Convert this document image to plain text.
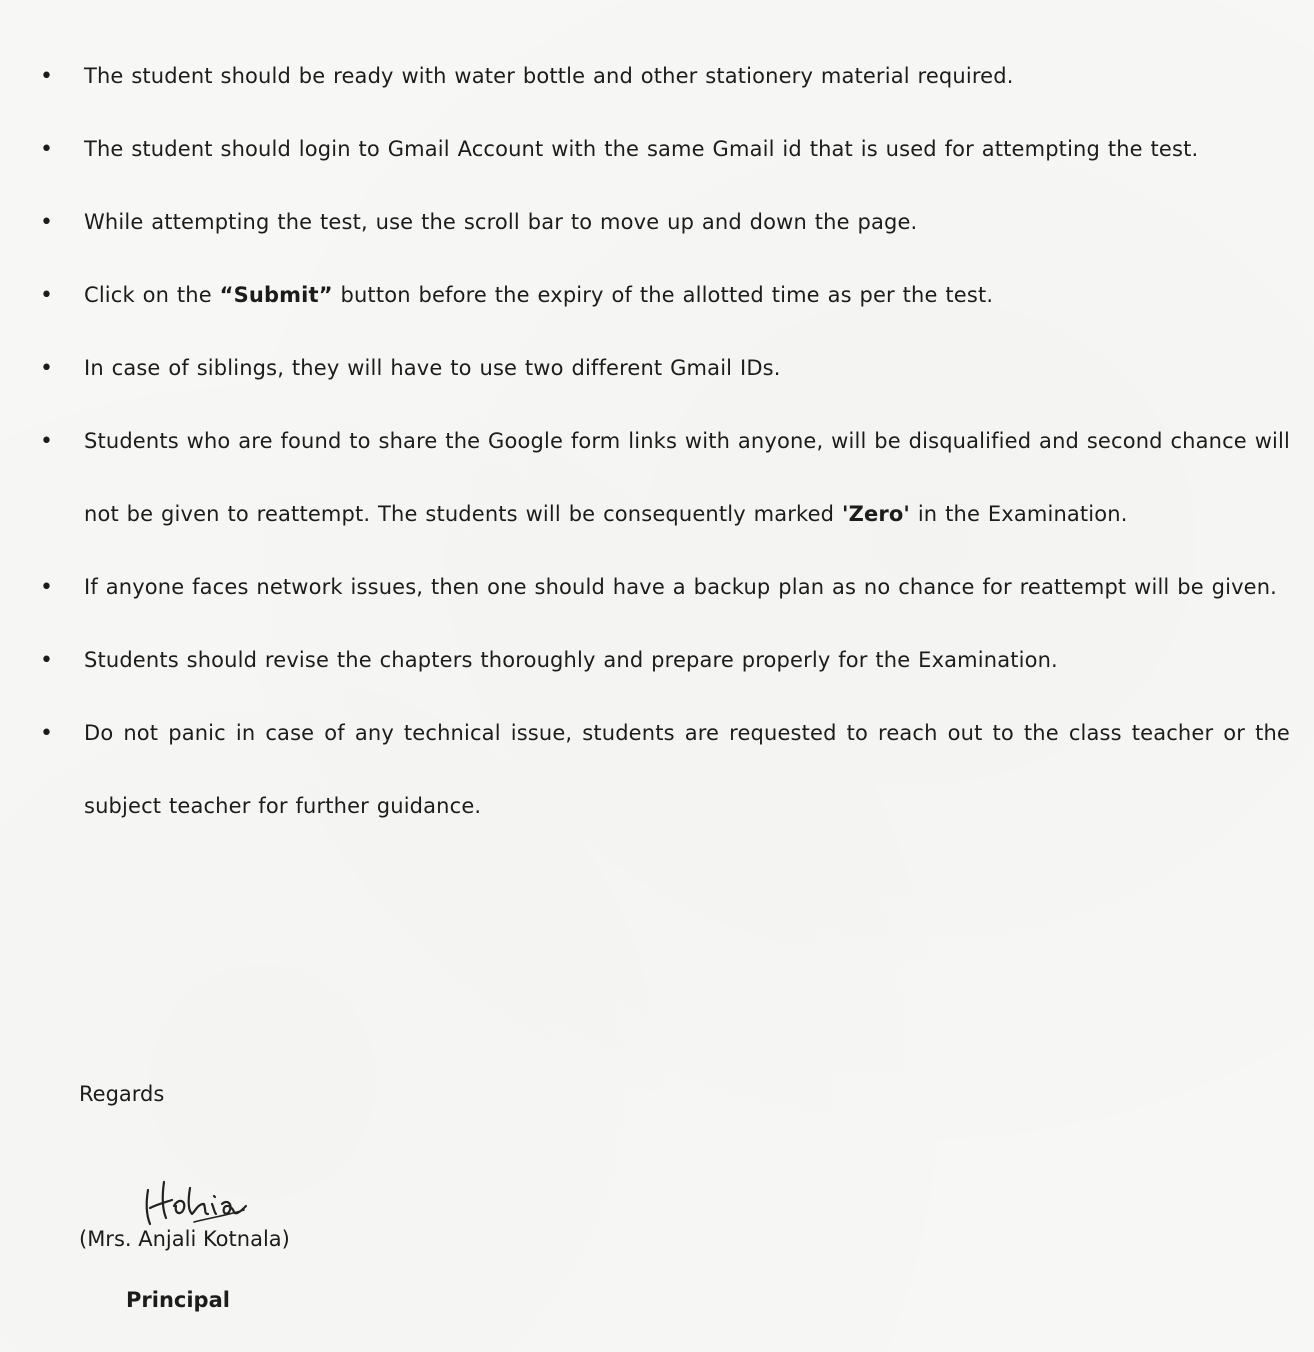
• The student should be ready with water bottle and other stationery material required.
• The student should login to Gmail Account with the same Gmail id that is used for attempting the test.
• While attempting the test, use the scroll bar to move up and down the page.
• Click on the “Submit” button before the expiry of the allotted time as per the test.
• In case of siblings, they will have to use two different Gmail IDs.
• Students who are found to share the Google form links with anyone, will be disqualified and second chance will not be given to reattempt. The students will be consequently marked 'Zero' in the Examination.
• If anyone faces network issues, then one should have a backup plan as no chance for reattempt will be given.
• Students should revise the chapters thoroughly and prepare properly for the Examination.
• Do not panic in case of any technical issue, students are requested to reach out to the class teacher or the subject teacher for further guidance.
Regards
(Mrs. Anjali Kotnala)
Principal
